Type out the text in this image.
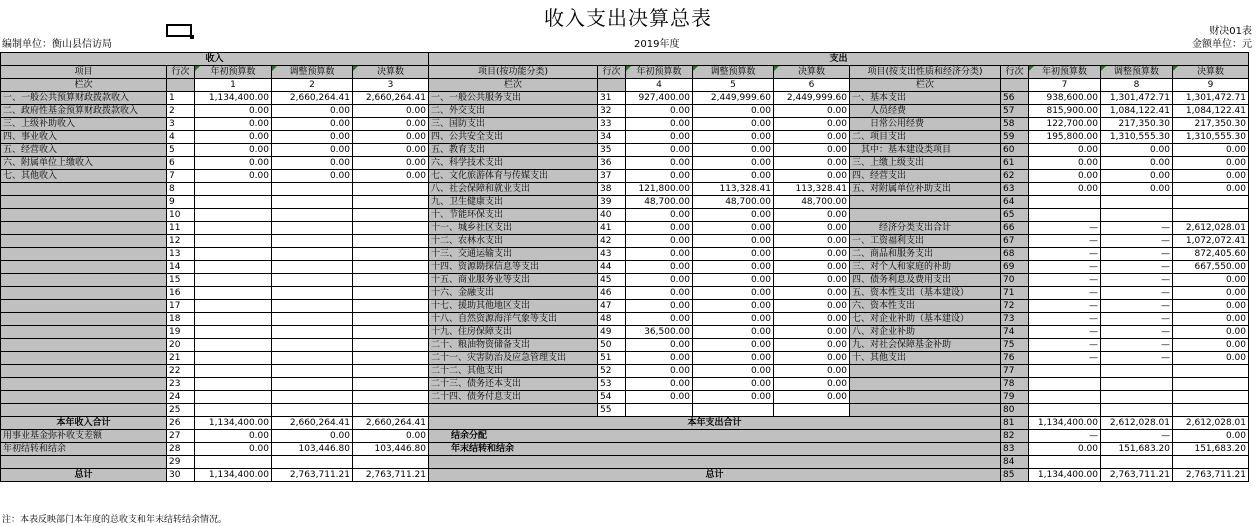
收入支出决算总表
财决01表
编制单位：衡山县信访局	2019年度	金额单位：元
收入					支出									
项目	行次	年初预算数	调整预算数	决算数	项目(按功能分类)	行次	年初预算数	调整预算数	决算数	项目(按支出性质和经济分类)	行次	年初预算数	调整预算数	决算数
栏次		1	2	3	栏次		4	5	6	栏次		7	8	9
一、一般公共预算财政拨款收入	1	1,134,400.00	2,660,264.41	2,660,264.41	一、一般公共服务支出	31	927,400.00	2,449,999.60	2,449,999.60	一、基本支出	56	938,600.00	1,301,472.71	1,301,472.71
二、政府性基金预算财政拨款收入	2	0.00	0.00	0.00	二、外交支出	32	0.00	0.00	0.00	　　人员经费	57	815,900.00	1,084,122.41	1,084,122.41
三、上级补助收入	3	0.00	0.00	0.00	三、国防支出	33	0.00	0.00	0.00	　　日常公用经费	58	122,700.00	217,350.30	217,350.30
四、事业收入	4	0.00	0.00	0.00	四、公共安全支出	34	0.00	0.00	0.00	二、项目支出	59	195,800.00	1,310,555.30	1,310,555.30
五、经营收入	5	0.00	0.00	0.00	五、教育支出	35	0.00	0.00	0.00	　其中：基本建设类项目	60	0.00	0.00	0.00
六、附属单位上缴收入	6	0.00	0.00	0.00	六、科学技术支出	36	0.00	0.00	0.00	三、上缴上级支出	61	0.00	0.00	0.00
七、其他收入	7	0.00	0.00	0.00	七、文化旅游体育与传媒支出	37	0.00	0.00	0.00	四、经营支出	62	0.00	0.00	0.00
	8				八、社会保障和就业支出	38	121,800.00	113,328.41	113,328.41	五、对附属单位补助支出	63	0.00	0.00	0.00
	9				九、卫生健康支出	39	48,700.00	48,700.00	48,700.00		64			
	10				十、节能环保支出	40	0.00	0.00	0.00		65			
	11				十一、城乡社区支出	41	0.00	0.00	0.00	　　　经济分类支出合计	66	—	—	2,612,028.01
	12				十二、农林水支出	42	0.00	0.00	0.00	一、工资福利支出	67	—	—	1,072,072.41
	13				十三、交通运输支出	43	0.00	0.00	0.00	二、商品和服务支出	68	—	—	872,405.60
	14				十四、资源勘探信息等支出	44	0.00	0.00	0.00	三、对个人和家庭的补助	69	—	—	667,550.00
	15				十五、商业服务业等支出	45	0.00	0.00	0.00	四、债务利息及费用支出	70	—	—	0.00
	16				十六、金融支出	46	0.00	0.00	0.00	五、资本性支出（基本建设）	71	—	—	0.00
	17				十七、援助其他地区支出	47	0.00	0.00	0.00	六、资本性支出	72	—	—	0.00
	18				十八、自然资源海洋气象等支出	48	0.00	0.00	0.00	七、对企业补助（基本建设）	73	—	—	0.00
	19				十九、住房保障支出	49	36,500.00	0.00	0.00	八、对企业补助	74	—	—	0.00
	20				二十、粮油物资储备支出	50	0.00	0.00	0.00	九、对社会保障基金补助	75	—	—	0.00
	21				二十一、灾害防治及应急管理支出	51	0.00	0.00	0.00	十、其他支出	76	—	—	0.00
	22				二十二、其他支出	52	0.00	0.00	0.00		77			
	23				二十三、债务还本支出	53	0.00	0.00	0.00		78			
	24				二十四、债务付息支出	54	0.00	0.00	0.00		79			
	25					55					80			
本年收入合计	26	1,134,400.00	2,660,264.41	2,660,264.41	本年支出合计						81	1,134,400.00	2,612,028.01	2,612,028.01
用事业基金弥补收支差额	27	0.00	0.00	0.00	结余分配						82	—	—	0.00
年初结转和结余	28	0.00	103,446.80	103,446.80	年末结转和结余						83	0.00	151,683.20	151,683.20
	29										84			
总计	30	1,134,400.00	2,763,711.21	2,763,711.21	总计						85	1,134,400.00	2,763,711.21	2,763,711.21
注：本表反映部门本年度的总收支和年末结转结余情况。
